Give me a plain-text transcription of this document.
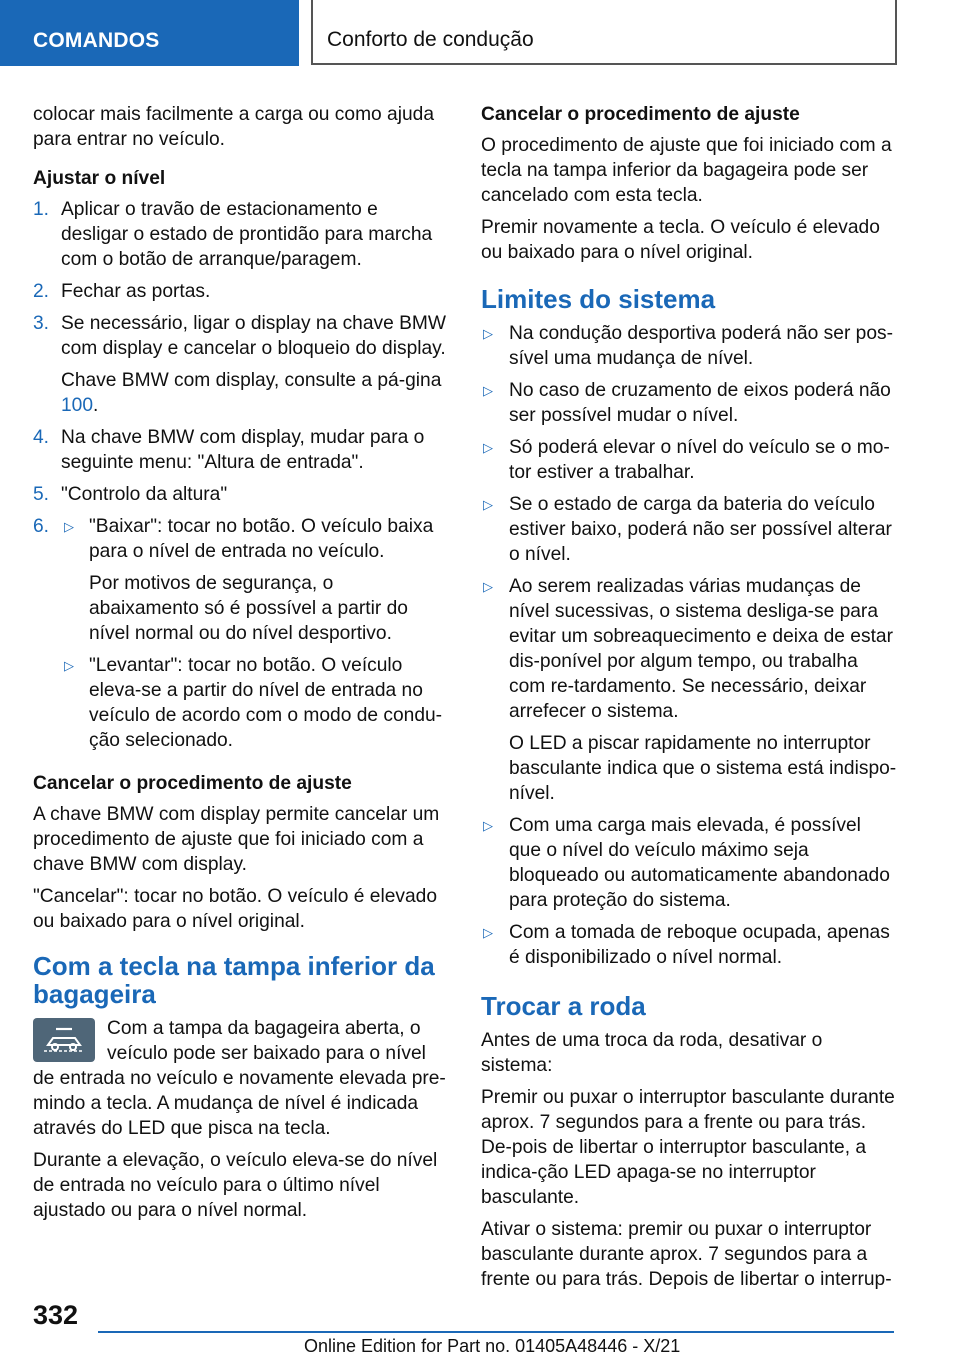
COMANDOS	Conforto de condução

colocar mais facilmente a carga ou como ajuda para entrar no veículo.

Ajustar o nível
1. Aplicar o travão de estacionamento e desligar o estado de prontidão para marcha com o botão de arranque/paragem.

2. Fechar as portas.

3. Se necessário, ligar o display na chave BMW com display e cancelar o bloqueio do display.

Chave BMW com display, consulte a pá-gina 100.

4. Na chave BMW com display, mudar para o seguinte menu: "Altura de entrada".

5. "Controlo da altura"

6. ▷ "Baixar": tocar no botão. O veículo baixa para o nível de entrada no veículo.

Por motivos de segurança, o abaixamento só é possível a partir do nível normal ou do nível desportivo.

▷ "Levantar": tocar no botão. O veículo eleva-se a partir do nível de entrada no veículo de acordo com o modo de condu-ção selecionado.

Cancelar o procedimento de ajuste

A chave BMW com display permite cancelar um procedimento de ajuste que foi iniciado com a chave BMW com display.

"Cancelar": tocar no botão. O veículo é elevado ou baixado para o nível original.

Com a tecla na tampa inferior da bagageira

Com a tampa da bagageira aberta, o veículo pode ser baixado para o nível de entrada no veículo e novamente elevada pre-mindo a tecla. A mudança de nível é indicada através do LED que pisca na tecla.

Durante a elevação, o veículo eleva-se do nível de entrada no veículo para o último nível ajustado ou para o nível normal.

Cancelar o procedimento de ajuste

O procedimento de ajuste que foi iniciado com a tecla na tampa inferior da bagageira pode ser cancelado com esta tecla.

Premir novamente a tecla. O veículo é elevado ou baixado para o nível original.

Limites do sistema
▷ Na condução desportiva poderá não ser pos-sível uma mudança de nível.
▷ No caso de cruzamento de eixos poderá não ser possível mudar o nível.
▷ Só poderá elevar o nível do veículo se o mo-tor estiver a trabalhar.
▷ Se o estado de carga da bateria do veículo estiver baixo, poderá não ser possível alterar o nível.
▷ Ao serem realizadas várias mudanças de nível sucessivas, o sistema desliga-se para evitar um sobreaquecimento e deixa de estar dis-ponível por algum tempo, ou trabalha com re-tardamento. Se necessário, deixar arrefecer o sistema.

O LED a piscar rapidamente no interruptor basculante indica que o sistema está indispo-nível.

▷ Com uma carga mais elevada, é possível que o nível do veículo máximo seja bloqueado ou automaticamente abandonado para proteção do sistema.
▷ Com a tomada de reboque ocupada, apenas é disponibilizado o nível normal.
Trocar a roda

Antes de uma troca da roda, desativar o sistema:

Premir ou puxar o interruptor basculante durante aprox. 7 segundos para a frente ou para trás. De-pois de libertar o interruptor basculante, a indica-ção LED apaga-se no interruptor basculante.

Ativar o sistema: premir ou puxar o interruptor basculante durante aprox. 7 segundos para a frente ou para trás. Depois de libertar o interrup-

332
Online Edition for Part no. 01405A48446 - X/21
